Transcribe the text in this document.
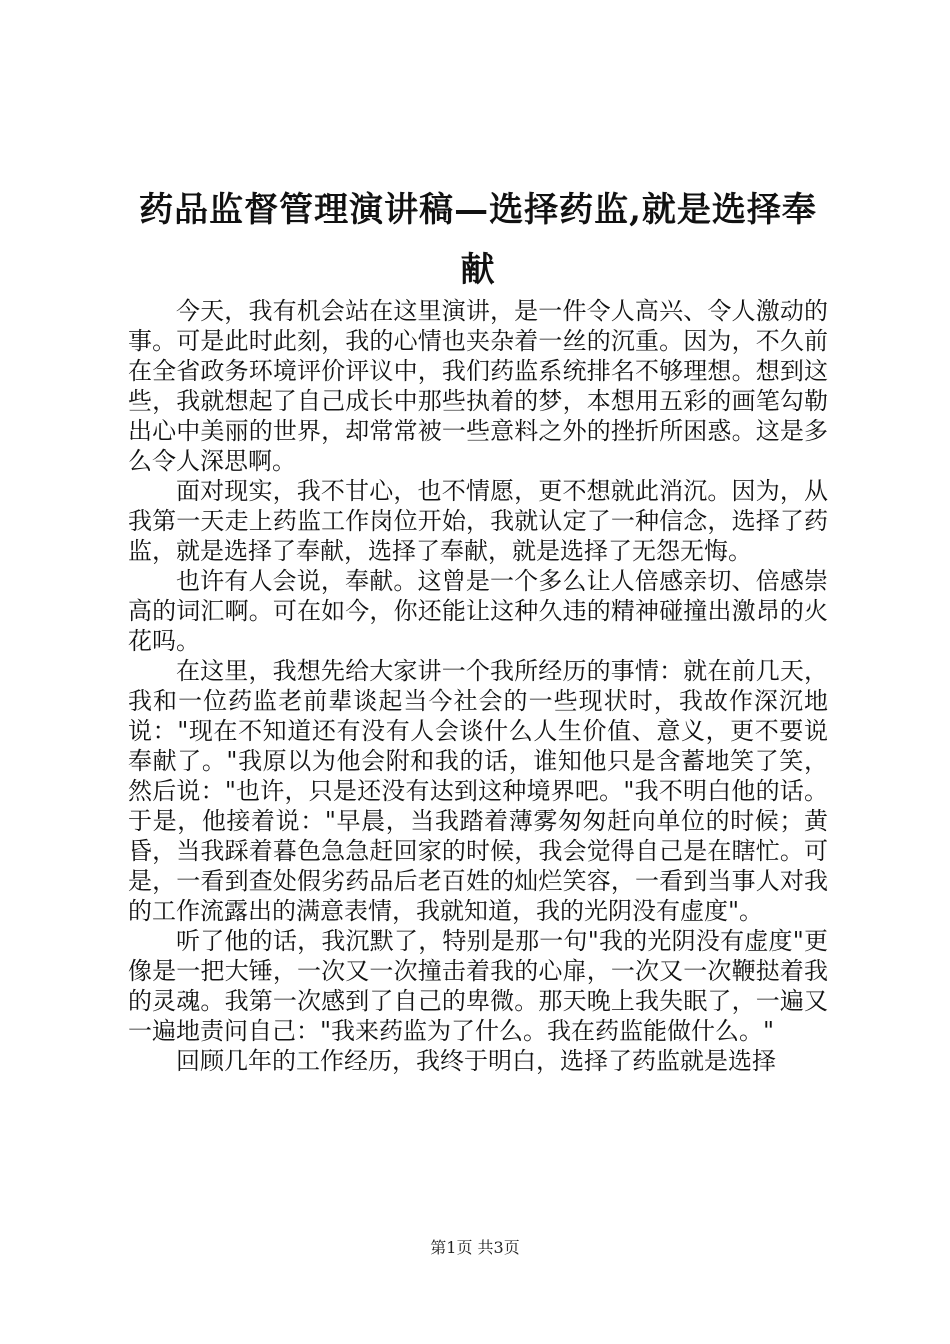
药品监督管理演讲稿—选择药监,就是选择奉献

今天，我有机会站在这里演讲，是一件令人高兴、令人激动的事。可是此时此刻，我的心情也夹杂着一丝的沉重。因为，不久前在全省政务环境评价评议中，我们药监系统排名不够理想。想到这些，我就想起了自己成长中那些执着的梦，本想用五彩的画笔勾勒出心中美丽的世界，却常常被一些意料之外的挫折所困惑。这是多么令人深思啊。

面对现实，我不甘心，也不情愿，更不想就此消沉。因为，从我第一天走上药监工作岗位开始，我就认定了一种信念，选择了药监，就是选择了奉献，选择了奉献，就是选择了无怨无悔。

也许有人会说，奉献。这曾是一个多么让人倍感亲切、倍感崇高的词汇啊。可在如今，你还能让这种久违的精神碰撞出激昂的火花吗。

在这里，我想先给大家讲一个我所经历的事情：就在前几天，我和一位药监老前辈谈起当今社会的一些现状时，我故作深沉地说："现在不知道还有没有人会谈什么人生价值、意义，更不要说奉献了。"我原以为他会附和我的话，谁知他只是含蓄地笑了笑，然后说："也许，只是还没有达到这种境界吧。"我不明白他的话。于是，他接着说："早晨，当我踏着薄雾匆匆赶向单位的时候；黄昏，当我踩着暮色急急赶回家的时候，我会觉得自己是在瞎忙。可是，一看到查处假劣药品后老百姓的灿烂笑容，一看到当事人对我的工作流露出的满意表情，我就知道，我的光阴没有虚度"。

听了他的话，我沉默了，特别是那一句"我的光阴没有虚度"更像是一把大锤，一次又一次撞击着我的心扉，一次又一次鞭挞着我的灵魂。我第一次感到了自己的卑微。那天晚上我失眠了，一遍又一遍地责问自己："我来药监为了什么。我在药监能做什么。"

回顾几年的工作经历，我终于明白，选择了药监就是选择

第1页 共3页
